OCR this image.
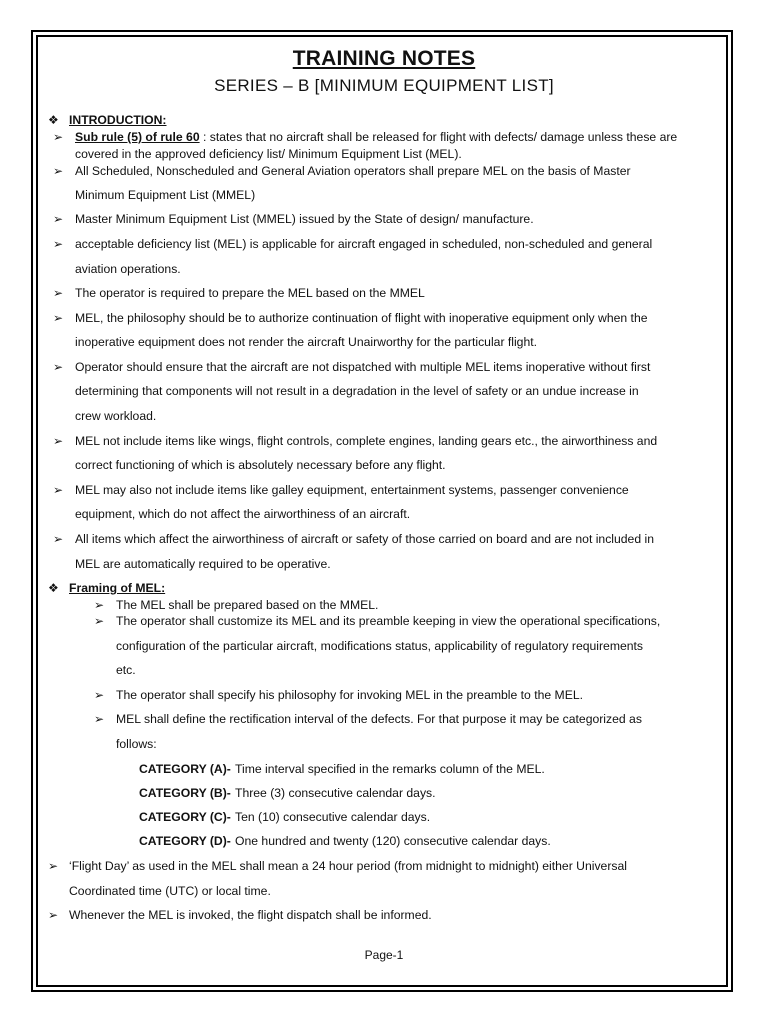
TRAINING NOTES
SERIES – B [MINIMUM EQUIPMENT LIST]
❖ INTRODUCTION:
➢ Sub rule (5) of rule 60 : states that no aircraft shall be released for flight with defects/ damage unless these are
covered in the approved deficiency list/ Minimum Equipment List (MEL).
➢ All Scheduled, Nonscheduled and General Aviation operators shall prepare MEL on the basis of Master
Minimum Equipment List (MMEL)
➢ Master Minimum Equipment List (MMEL) issued by the State of design/ manufacture.
➢ acceptable deficiency list (MEL) is applicable for aircraft engaged in scheduled, non-scheduled and general
aviation operations.
➢ The operator is required to prepare the MEL based on the MMEL
➢ MEL, the philosophy should be to authorize continuation of flight with inoperative equipment only when the
inoperative equipment does not render the aircraft Unairworthy for the particular flight.
➢ Operator should ensure that the aircraft are not dispatched with multiple MEL items inoperative without first
determining that components will not result in a degradation in the level of safety or an undue increase in
crew workload.
➢ MEL not include items like wings, flight controls, complete engines, landing gears etc., the airworthiness and
correct functioning of which is absolutely necessary before any flight.
➢ MEL may also not include items like galley equipment, entertainment systems, passenger convenience
equipment, which do not affect the airworthiness of an aircraft.
➢ All items which affect the airworthiness of aircraft or safety of those carried on board and are not included in
MEL are automatically required to be operative.
❖ Framing of MEL:
➢ The MEL shall be prepared based on the MMEL.
➢ The operator shall customize its MEL and its preamble keeping in view the operational specifications,
configuration of the particular aircraft, modifications status, applicability of regulatory requirements
etc.
➢ The operator shall specify his philosophy for invoking MEL in the preamble to the MEL.
➢ MEL shall define the rectification interval of the defects. For that purpose it may be categorized as
follows:
CATEGORY (A)- Time interval specified in the remarks column of the MEL.
CATEGORY (B)- Three (3) consecutive calendar days.
CATEGORY (C)- Ten (10) consecutive calendar days.
CATEGORY (D)- One hundred and twenty (120) consecutive calendar days.
➢ ‘Flight Day’ as used in the MEL shall mean a 24 hour period (from midnight to midnight) either Universal
Coordinated time (UTC) or local time.
➢ Whenever the MEL is invoked, the flight dispatch shall be informed.
Page-1
